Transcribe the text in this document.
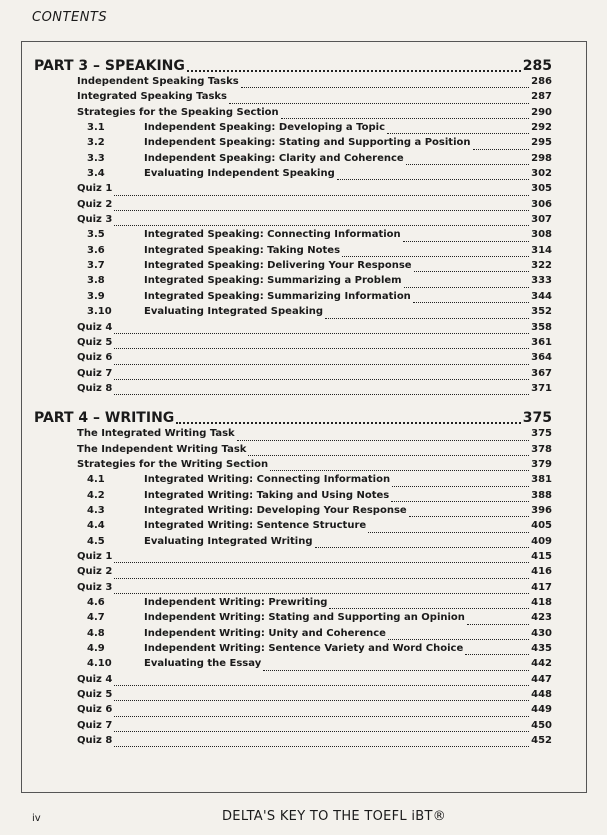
CONTENTS
PART 3 – SPEAKING	285
Independent Speaking Tasks	286
Integrated Speaking Tasks	287
Strategies for the Speaking Section	290
3.1	Independent Speaking: Developing a Topic	292
3.2	Independent Speaking: Stating and Supporting a Position	295
3.3	Independent Speaking: Clarity and Coherence	298
3.4	Evaluating Independent Speaking	302
Quiz 1	305
Quiz 2	306
Quiz 3	307
3.5	Integrated Speaking: Connecting Information	308
3.6	Integrated Speaking: Taking Notes	314
3.7	Integrated Speaking: Delivering Your Response	322
3.8	Integrated Speaking: Summarizing a Problem	333
3.9	Integrated Speaking: Summarizing Information	344
3.10	Evaluating Integrated Speaking	352
Quiz 4	358
Quiz 5	361
Quiz 6	364
Quiz 7	367
Quiz 8	371
PART 4 – WRITING	375
The Integrated Writing Task	375
The Independent Writing Task	378
Strategies for the Writing Section	379
4.1	Integrated Writing: Connecting Information	381
4.2	Integrated Writing: Taking and Using Notes	388
4.3	Integrated Writing: Developing Your Response	396
4.4	Integrated Writing: Sentence Structure	405
4.5	Evaluating Integrated Writing	409
Quiz 1	415
Quiz 2	416
Quiz 3	417
4.6	Independent Writing: Prewriting	418
4.7	Independent Writing: Stating and Supporting an Opinion	423
4.8	Independent Writing: Unity and Coherence	430
4.9	Independent Writing: Sentence Variety and Word Choice	435
4.10	Evaluating the Essay	442
Quiz 4	447
Quiz 5	448
Quiz 6	449
Quiz 7	450
Quiz 8	452
iv	DELTA'S KEY TO THE TOEFL iBT®
